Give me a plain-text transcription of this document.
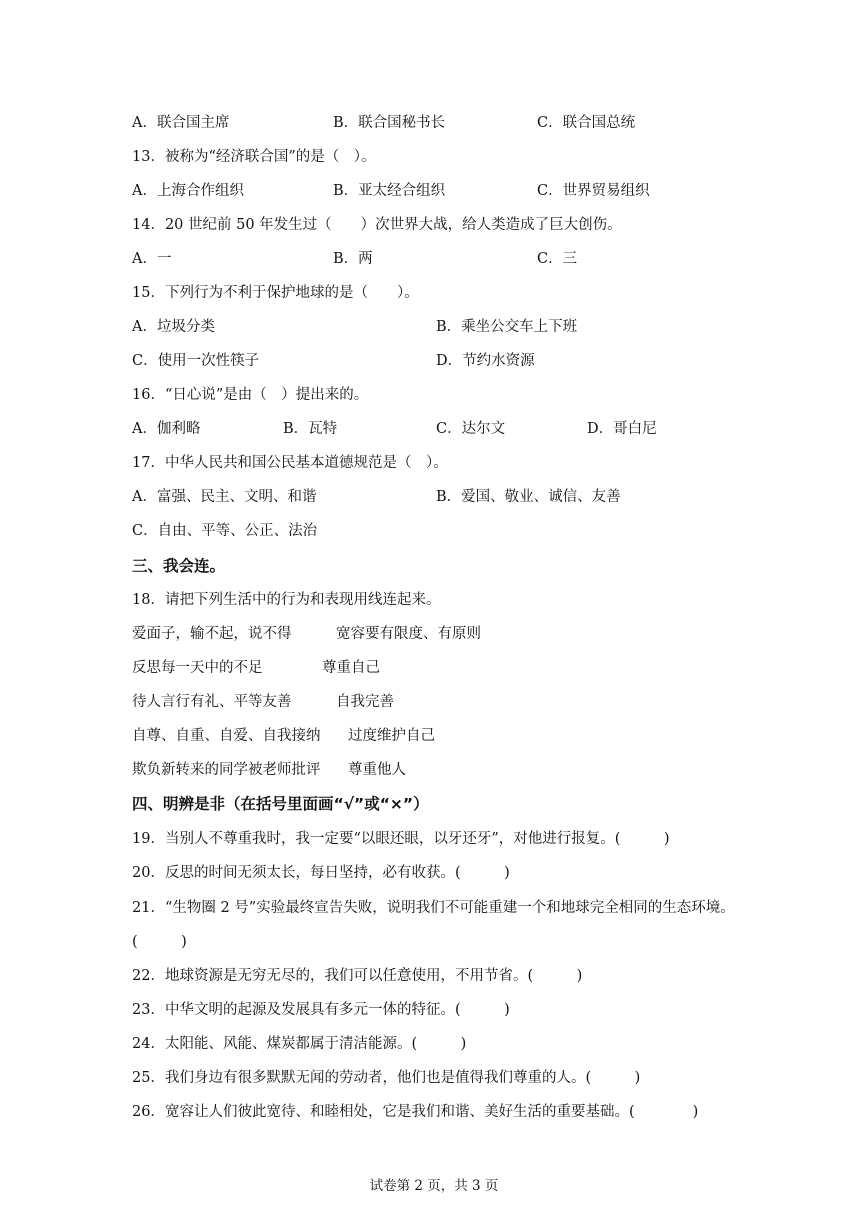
A．联合国主席	B．联合国秘书长	C．联合国总统
13．被称为“经济联合国”的是（　）。
A．上海合作组织	B．亚太经合组织	C．世界贸易组织
14．20 世纪前 50 年发生过（　　）次世界大战，给人类造成了巨大创伤。
A．一	B．两	C．三
15．下列行为不利于保护地球的是（　　）。
A．垃圾分类	B．乘坐公交车上下班
C．使用一次性筷子	D．节约水资源
16．“日心说”是由（　）提出来的。
A．伽利略	B．瓦特	C．达尔文	D．哥白尼
17．中华人民共和国公民基本道德规范是（　）。
A．富强、民主、文明、和谐	B．爱国、敬业、诚信、友善
C．自由、平等、公正、法治
三、我会连。
18．请把下列生活中的行为和表现用线连起来。
爱面子，输不起，说不得	宽容要有限度、有原则
反思每一天中的不足	尊重自己
待人言行有礼、平等友善	自我完善
自尊、自重、自爱、自我接纳 过度维护自己
欺负新转来的同学被老师批评 尊重他人
四、明辨是非（在括号里面画“√”或“×”）
19．当别人不尊重我时，我一定要“以眼还眼，以牙还牙”，对他进行报复。(　　　)
20．反思的时间无须太长，每日坚持，必有收获。(　　　)
21．“生物圈 2 号”实验最终宣告失败，说明我们不可能重建一个和地球完全相同的生态环境。
(　　　)
22．地球资源是无穷无尽的，我们可以任意使用，不用节省。(　　　)
23．中华文明的起源及发展具有多元一体的特征。(　　　)
24．太阳能、风能、煤炭都属于清洁能源。(　　　)
25．我们身边有很多默默无闻的劳动者，他们也是值得我们尊重的人。(　　　)
26．宽容让人们彼此宽待、和睦相处，它是我们和谐、美好生活的重要基础。(　　　　)
试卷第 2 页，共 3 页
